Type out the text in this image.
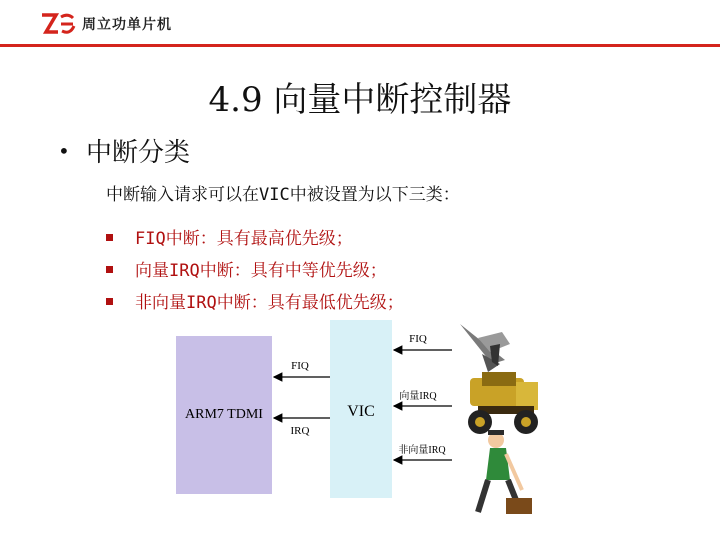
周立功单片机
4.9 向量中断控制器
• 中断分类
中断输入请求可以在VIC中被设置为以下三类：
FIQ中断：具有最高优先级；
向量IRQ中断：具有中等优先级；
非向量IRQ中断：具有最低优先级；
ARM7 TDMI	VIC
FIQ
IRQ
FIQ
向量IRQ
非向量IRQ
